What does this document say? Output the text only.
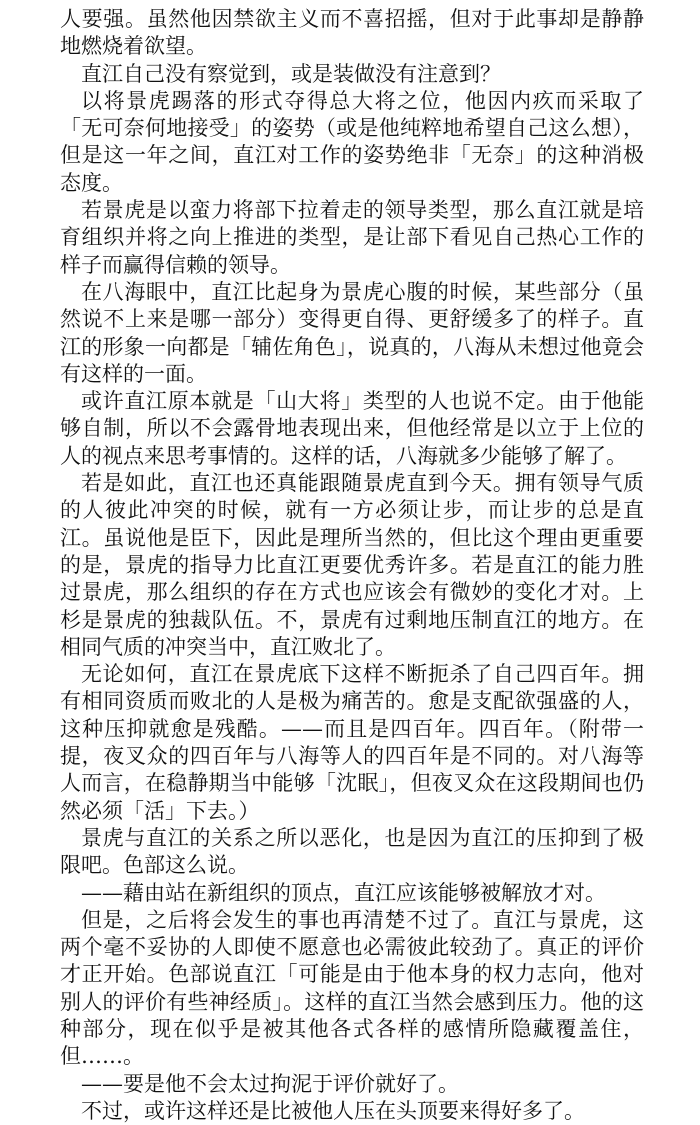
人要强。虽然他因禁欲主义而不喜招摇，但对于此事却是静静地燃烧着欲望。

直江自己没有察觉到，或是装做没有注意到？

以将景虎踢落的形式夺得总大将之位，他因内疚而采取了「无可奈何地接受」的姿势（或是他纯粹地希望自己这么想），但是这一年之间，直江对工作的姿势绝非「无奈」的这种消极态度。

若景虎是以蛮力将部下拉着走的领导类型，那么直江就是培育组织并将之向上推进的类型，是让部下看见自己热心工作的样子而赢得信赖的领导。

在八海眼中，直江比起身为景虎心腹的时候，某些部分（虽然说不上来是哪一部分）变得更自得、更舒缓多了的样子。直江的形象一向都是「辅佐角色」，说真的，八海从未想过他竟会有这样的一面。

或许直江原本就是「山大将」类型的人也说不定。由于他能够自制，所以不会露骨地表现出来，但他经常是以立于上位的人的视点来思考事情的。这样的话，八海就多少能够了解了。

若是如此，直江也还真能跟随景虎直到今天。拥有领导气质的人彼此冲突的时候，就有一方必须让步，而让步的总是直江。虽说他是臣下，因此是理所当然的，但比这个理由更重要的是，景虎的指导力比直江更要优秀许多。若是直江的能力胜过景虎，那么组织的存在方式也应该会有微妙的变化才对。上杉是景虎的独裁队伍。不，景虎有过剩地压制直江的地方。在相同气质的冲突当中，直江败北了。

无论如何，直江在景虎底下这样不断扼杀了自己四百年。拥有相同资质而败北的人是极为痛苦的。愈是支配欲强盛的人，这种压抑就愈是残酷。——而且是四百年。四百年。（附带一提，夜叉众的四百年与八海等人的四百年是不同的。对八海等人而言，在稳静期当中能够「沈眠」，但夜叉众在这段期间也仍然必须「活」下去。）

景虎与直江的关系之所以恶化，也是因为直江的压抑到了极限吧。色部这么说。

——藉由站在新组织的顶点，直江应该能够被解放才对。

但是，之后将会发生的事也再清楚不过了。直江与景虎，这两个毫不妥协的人即使不愿意也必需彼此较劲了。真正的评价才正开始。色部说直江「可能是由于他本身的权力志向，他对别人的评价有些神经质」。这样的直江当然会感到压力。他的这种部分，现在似乎是被其他各式各样的感情所隐藏覆盖住，但……。

——要是他不会太过拘泥于评价就好了。

不过，或许这样还是比被他人压在头顶要来得好多了。
